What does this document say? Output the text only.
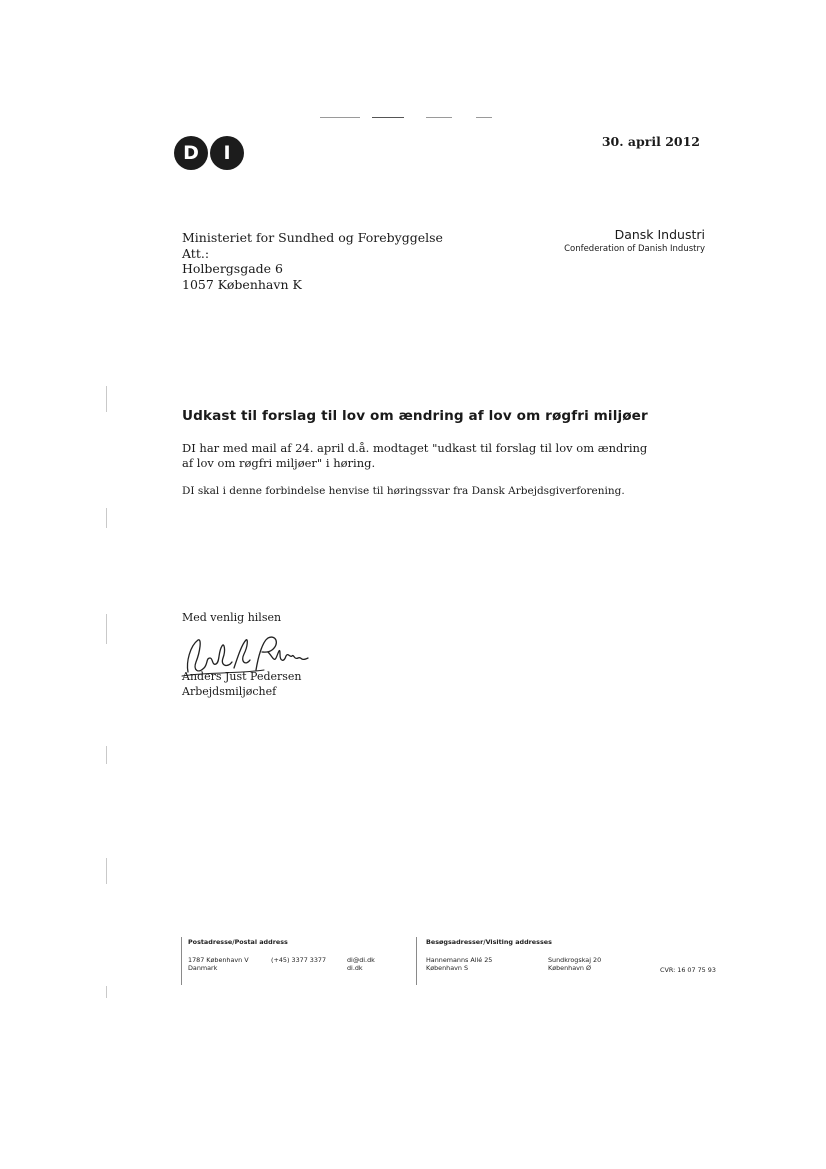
D	I
30. april 2012
Ministeriet for Sundhed og Forebyggelse
Att.:
Holbergsgade 6
1057 København K
Dansk Industri
Confederation of Danish Industry
Udkast til forslag til lov om ændring af lov om røgfri miljøer
DI har med mail af 24. april d.å. modtaget "udkast til forslag til lov om ændring af lov om røgfri miljøer" i høring.
DI skal i denne forbindelse henvise til høringssvar fra Dansk Arbejdsgiverforening.
Med venlig hilsen
Anders Just Pedersen
Arbejdsmiljøchef
Postadresse/Postal address
1787 København V
Danmark
(+45) 3377 3377	di@di.dk
di.dk
Besøgsadresser/Visiting addresses
Hannemanns Allé 25
København S
Sundkrogskaj 20
København Ø	CVR: 16 07 75 93
